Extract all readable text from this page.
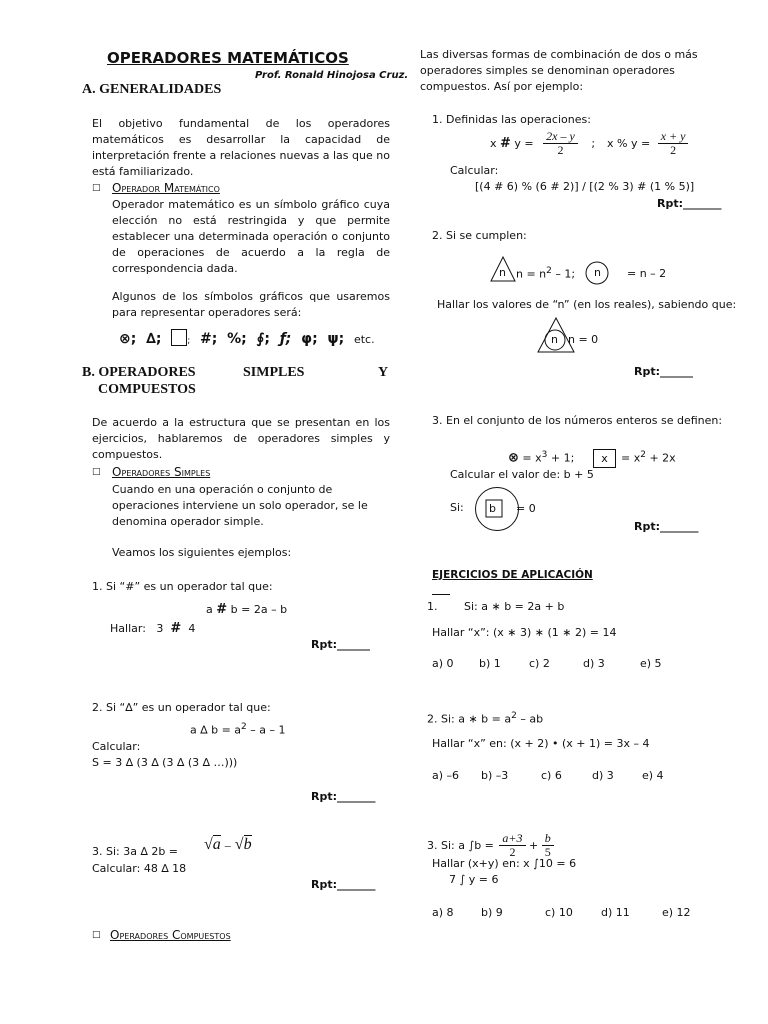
OPERADORES MATEMÁTICOS
Prof. Ronald Hinojosa Cruz.
A. GENERALIDADES
El objetivo fundamental de los operadores matemáticos es desarrollar la capacidad de interpretación frente a relaciones nuevas a las que no está familiarizado.
□ Operador Matemático
Operador matemático es un símbolo gráfico cuya elección no está restringida y que permite establecer una determinada operación o conjunto de operaciones de acuerdo a la regla de correspondencia dada.
Algunos de los símbolos gráficos que usaremos para representar operadores será:
⊗; ∆;	; #; %; ∮; ƒ; φ; ψ; etc.
B. OPERADORES	SIMPLES	Y
COMPUESTOS
De acuerdo a la estructura que se presentan en los ejercicios, hablaremos de operadores simples y compuestos.
□ Operadores Simples
Cuando en una operación o conjunto de operaciones interviene un solo operador, se le denomina operador simple.
Veamos los siguientes ejemplos:
1. Si “#” es un operador tal que:
a # b = 2a – b
Hallar: 3 # 4
Rpt:______
2. Si “∆” es un operador tal que:
a ∆ $b = a^2 - a - 1$
Calcular:
S = 3 ∆ (3 ∆ (3 ∆ (3 ∆ …)))
Rpt:_______
3. Si: 3a ∆ 2b = √a – √b
Calcular: 48 ∆ 18
Rpt:_______
□ Operadores Compuestos
Las diversas formas de combinación de dos o más operadores simples se denominan operadores compuestos. Así por ejemplo:
1. Definidas las operaciones:
x # $y = \frac{2x - y}{2}$ ; x % $y = \frac{x + y}{2}$
Calcular:
[(4 # 6) % (6 # 2)] / [(2 % 3) # (1 % 5)]
Rpt:_______
2. Si se cumplen:
n $n = n^2 - 1$; n = n – 2
Hallar los valores de “n” (en los reales), sabiendo que:
n n = 0
Rpt:______
3. En el conjunto de los números enteros se definen:
⊗ = $x^3 + 1$;	x	= $x^2 + 2x$
Calcular el valor de: b + 5
Si: b = 0
Rpt:_______
EJERCICIOS DE APLICACIÓN
1. Si: a ∗ b = 2a + b
Hallar “x”: (x ∗ 3) ∗ (1 ∗ 2) = 14
a) 0 b) 1	c) 2	d) 3	e) 5
2. Si: a ∗ $b = a^2$ – ab
Hallar “x” en: (x + 2) • (x + 1) = 3x – 4
a) –6 b) –3	c) 6	d) 3	e) 4
3. Si: a $\int b = \frac{a+3}{2} + \frac{b}{5}$
Hallar (x+y) en: x ∫10 = 6
7 ∫ y = 6
a) 8 b) 9	c) 10	d) 11	e) 12
